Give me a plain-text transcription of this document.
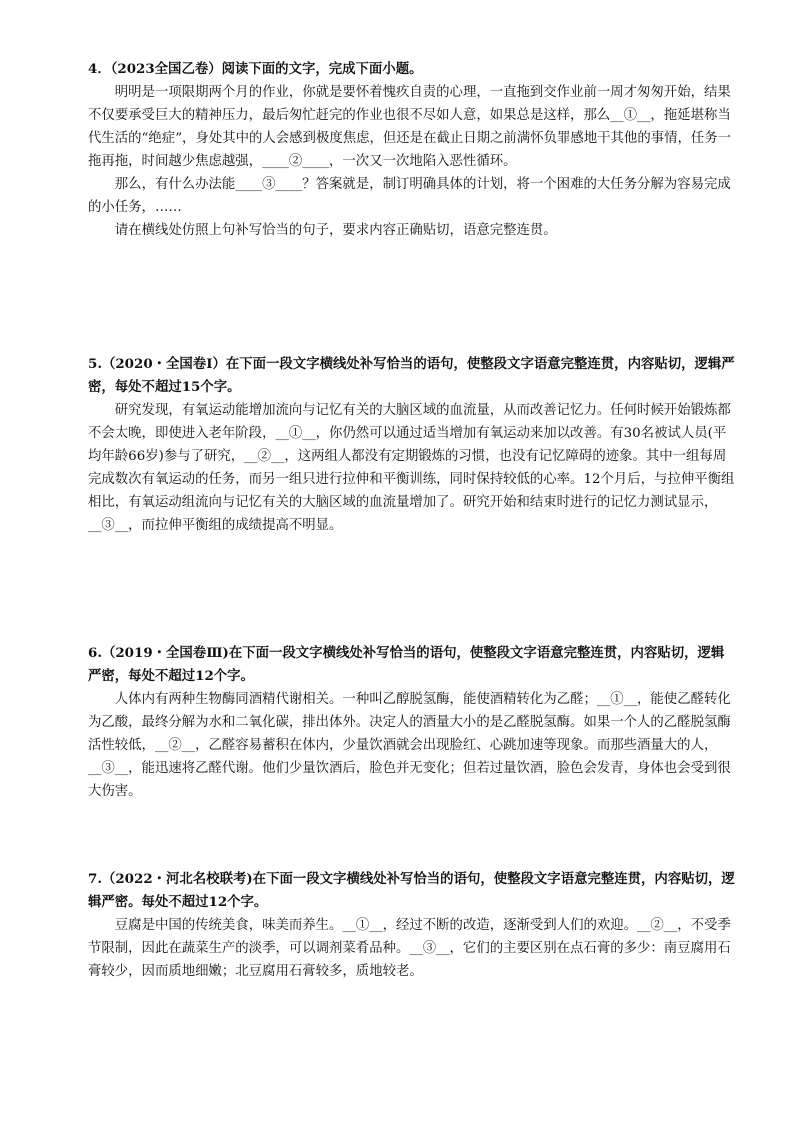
4．（2023全国乙卷）阅读下面的文字，完成下面小题。

明明是一项限期两个月的作业，你就是要怀着愧疚自责的心理，一直拖到交作业前一周才匆匆开始，结果不仅要承受巨大的精神压力，最后匆忙赶完的作业也很不尽如人意，如果总是这样，那么__①__，拖延堪称当代生活的“绝症”，身处其中的人会感到极度焦虑，但还是在截止日期之前满怀负罪感地干其他的事情，任务一拖再拖，时间越少焦虑越强，____②____，一次又一次地陷入恶性循环。

那么，有什么办法能____③____？答案就是，制订明确具体的计划，将一个困难的大任务分解为容易完成的小任务，……

请在横线处仿照上句补写恰当的句子，要求内容正确贴切，语意完整连贯。

5.（2020・全国卷Ⅰ）在下面一段文字横线处补写恰当的语句，使整段文字语意完整连贯，内容贴切，逻辑严密，每处不超过15个字。

研究发现，有氧运动能增加流向与记忆有关的大脑区域的血流量，从而改善记忆力。任何时候开始锻炼都不会太晚，即使进入老年阶段，__①__，你仍然可以通过适当增加有氧运动来加以改善。有30名被试人员(平均年龄66岁)参与了研究，__②__，这两组人都没有定期锻炼的习惯，也没有记忆障碍的迹象。其中一组每周完成数次有氧运动的任务，而另一组只进行拉伸和平衡训练，同时保持较低的心率。12个月后，与拉伸平衡组相比，有氧运动组流向与记忆有关的大脑区域的血流量增加了。研究开始和结束时进行的记忆力测试显示，__③__，而拉伸平衡组的成绩提高不明显。

6.（2019・全国卷Ⅲ)在下面一段文字横线处补写恰当的语句，使整段文字语意完整连贯，内容贴切，逻辑严密，每处不超过12个字。

人体内有两种生物酶同酒精代谢相关。一种叫乙醇脱氢酶，能使酒精转化为乙醛；__①__，能使乙醛转化为乙酸，最终分解为水和二氧化碳，排出体外。决定人的酒量大小的是乙醛脱氢酶。如果一个人的乙醛脱氢酶活性较低，__②__，乙醛容易蓄积在体内，少量饮酒就会出现脸红、心跳加速等现象。而那些酒量大的人，__③__，能迅速将乙醛代谢。他们少量饮酒后，脸色并无变化；但若过量饮酒，脸色会发青，身体也会受到很大伤害。

7.（2022・河北名校联考)在下面一段文字横线处补写恰当的语句，使整段文字语意完整连贯，内容贴切，逻辑严密。每处不超过12个字。

豆腐是中国的传统美食，味美而养生。__①__，经过不断的改造，逐渐受到人们的欢迎。__②__，不受季节限制，因此在蔬菜生产的淡季，可以调剂菜肴品种。__③__，它们的主要区别在点石膏的多少：南豆腐用石膏较少，因而质地细嫩；北豆腐用石膏较多，质地较老。
